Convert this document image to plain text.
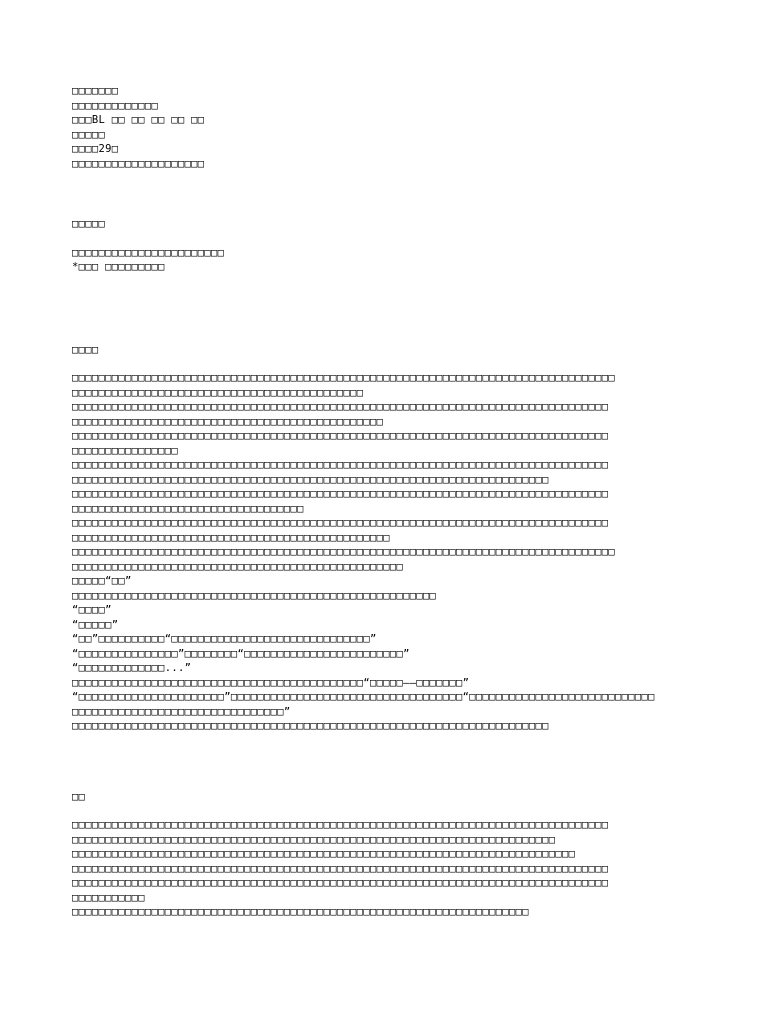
□□□□□□□
□□□□□□□□□□□□□
□□□BL □□ □□ □□ □□ □□
□□□□□
□□□□29□
□□□□□□□□□□□□□□□□□□□□
□□□□□
□□□□□□□□□□□□□□□□□□□□□□□
*□□□ □□□□□□□□□
□□□□
□□□□□□□□□□□□□□□□□□□□□□□□□□□□□□□□□□□□□□□□□□□□□□□□□□□□□□□□□□□□□□□□□□□□□□□□□□□□□□□□□□
□□□□□□□□□□□□□□□□□□□□□□□□□□□□□□□□□□□□□□□□□□□□
□□□□□□□□□□□□□□□□□□□□□□□□□□□□□□□□□□□□□□□□□□□□□□□□□□□□□□□□□□□□□□□□□□□□□□□□□□□□□□□□□
□□□□□□□□□□□□□□□□□□□□□□□□□□□□□□□□□□□□□□□□□□□□□□□
□□□□□□□□□□□□□□□□□□□□□□□□□□□□□□□□□□□□□□□□□□□□□□□□□□□□□□□□□□□□□□□□□□□□□□□□□□□□□□□□□
□□□□□□□□□□□□□□□□
□□□□□□□□□□□□□□□□□□□□□□□□□□□□□□□□□□□□□□□□□□□□□□□□□□□□□□□□□□□□□□□□□□□□□□□□□□□□□□□□□
□□□□□□□□□□□□□□□□□□□□□□□□□□□□□□□□□□□□□□□□□□□□□□□□□□□□□□□□□□□□□□□□□□□□□□□□
□□□□□□□□□□□□□□□□□□□□□□□□□□□□□□□□□□□□□□□□□□□□□□□□□□□□□□□□□□□□□□□□□□□□□□□□□□□□□□□□□
□□□□□□□□□□□□□□□□□□□□□□□□□□□□□□□□□□□
□□□□□□□□□□□□□□□□□□□□□□□□□□□□□□□□□□□□□□□□□□□□□□□□□□□□□□□□□□□□□□□□□□□□□□□□□□□□□□□□□
□□□□□□□□□□□□□□□□□□□□□□□□□□□□□□□□□□□□□□□□□□□□□□□□
□□□□□□□□□□□□□□□□□□□□□□□□□□□□□□□□□□□□□□□□□□□□□□□□□□□□□□□□□□□□□□□□□□□□□□□□□□□□□□□□□□
□□□□□□□□□□□□□□□□□□□□□□□□□□□□□□□□□□□□□□□□□□□□□□□□□□
□□□□□“□□”
□□□□□□□□□□□□□□□□□□□□□□□□□□□□□□□□□□□□□□□□□□□□□□□□□□□□□□□
“□□□□”
“□□□□□”
“□□”□□□□□□□□□□“□□□□□□□□□□□□□□□□□□□□□□□□□□□□□□”
“□□□□□□□□□□□□□□□”□□□□□□□□“□□□□□□□□□□□□□□□□□□□□□□□□”
“□□□□□□□□□□□□□...”
□□□□□□□□□□□□□□□□□□□□□□□□□□□□□□□□□□□□□□□□□□□□“□□□□□——□□□□□□□”
“□□□□□□□□□□□□□□□□□□□□□□”□□□□□□□□□□□□□□□□□□□□□□□□□□□□□□□□□□□“□□□□□□□□□□□□□□□□□□□□□□□□□□□□
□□□□□□□□□□□□□□□□□□□□□□□□□□□□□□□□”
□□□□□□□□□□□□□□□□□□□□□□□□□□□□□□□□□□□□□□□□□□□□□□□□□□□□□□□□□□□□□□□□□□□□□□□□
□□
□□□□□□□□□□□□□□□□□□□□□□□□□□□□□□□□□□□□□□□□□□□□□□□□□□□□□□□□□□□□□□□□□□□□□□□□□□□□□□□□□
□□□□□□□□□□□□□□□□□□□□□□□□□□□□□□□□□□□□□□□□□□□□□□□□□□□□□□□□□□□□□□□□□□□□□□□□□
□□□□□□□□□□□□□□□□□□□□□□□□□□□□□□□□□□□□□□□□□□□□□□□□□□□□□□□□□□□□□□□□□□□□□□□□□□□□
□□□□□□□□□□□□□□□□□□□□□□□□□□□□□□□□□□□□□□□□□□□□□□□□□□□□□□□□□□□□□□□□□□□□□□□□□□□□□□□□□
□□□□□□□□□□□□□□□□□□□□□□□□□□□□□□□□□□□□□□□□□□□□□□□□□□□□□□□□□□□□□□□□□□□□□□□□□□□□□□□□□
□□□□□□□□□□□
□□□□□□□□□□□□□□□□□□□□□□□□□□□□□□□□□□□□□□□□□□□□□□□□□□□□□□□□□□□□□□□□□□□□□
